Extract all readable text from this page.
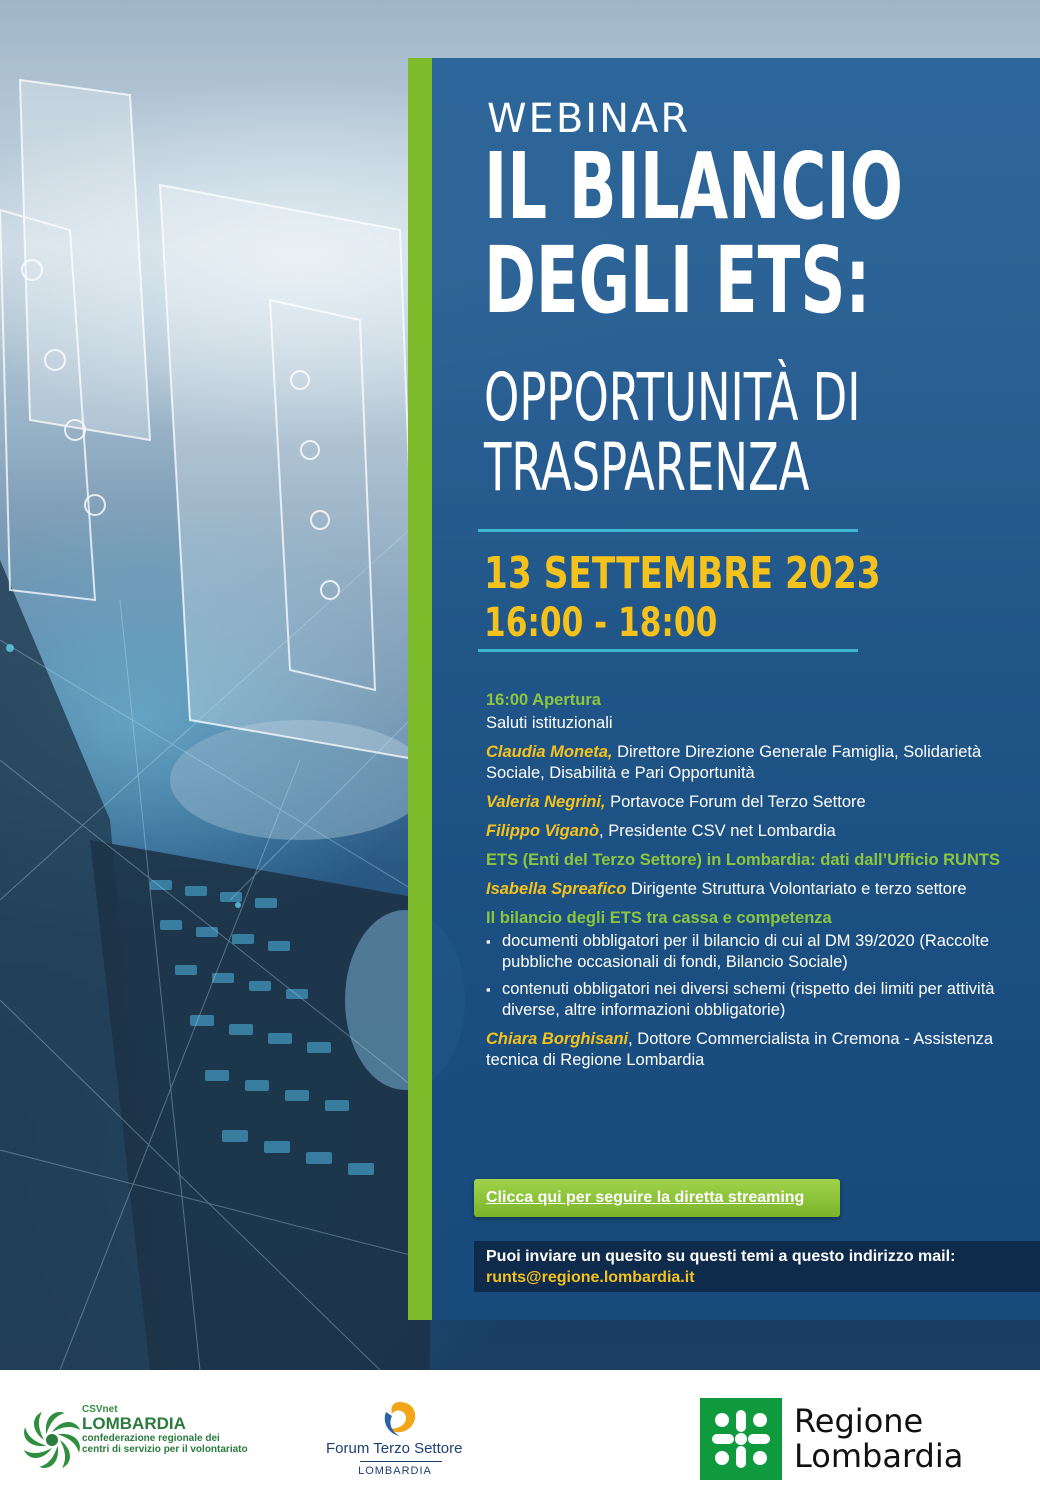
WEBINAR
IL BILANCIO
DEGLI ETS:
OPPORTUNITÀ DI
TRASPARENZA
13 SETTEMBRE 2023
16:00 - 18:00

16:00 Apertura

Saluti istituzionali

Claudia Moneta, Direttore Direzione Generale Famiglia, Solidarietà Sociale, Disabilità e Pari Opportunità

Valeria Negrini, Portavoce Forum del Terzo Settore

Filippo Viganò, Presidente CSV net Lombardia

ETS (Enti del Terzo Settore) in Lombardia: dati dall’Ufficio RUNTS

Isabella Spreafico Dirigente Struttura Volontariato e terzo settore

Il bilancio degli ETS tra cassa e competenza

▪ documenti obbligatori per il bilancio di cui al DM 39/2020 (Raccolte pubbliche occasionali di fondi, Bilancio Sociale)
▪ contenuti obbligatori nei diversi schemi (rispetto dei limiti per attività diverse, altre informazioni obbligatorie)

Chiara Borghisani, Dottore Commercialista in Cremona - Assistenza tecnica di Regione Lombardia

Clicca qui per seguire la diretta streaming
Puoi inviare un quesito su questi temi a questo indirizzo mail:
runts@regione.lombardia.it
CSVnet
LOMBARDIA
confederazione regionale dei
centri di servizio per il volontariato	Forum Terzo Settore
LOMBARDIA
Regione
Lombardia
